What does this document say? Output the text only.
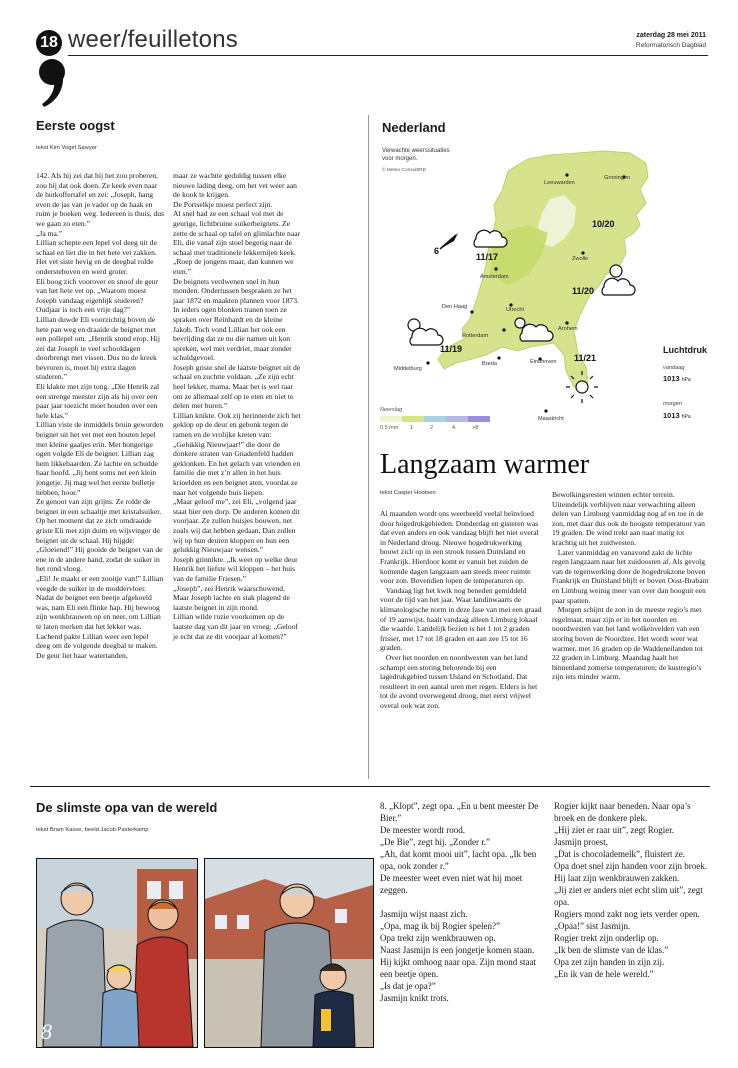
18 weer/feuilletons	zaterdag 28 mei 2011
Reformatorisch Dagblad
Eerste oogst
tekst Kim Vogel Sawyer
142. Als hij zei dat hij het zou proberen, zou hij dat ook doen. Ze keek even naar de hutkoffertafel en zei: „Joseph, hang even de jas van je vader op de haak en ruim je boeken weg. Iedereen is thuis, dus we gaan zo eten.”
„Ja ma.”
Lillian schepte een lepel vol deeg uit de schaal en liet die in het hete vet zakken. Het vet siste hevig en de deegbal rolde ondersteboven en werd groter.
Eli boog zich voorover en snoof de geur van het hete vet op. „Waarom moest Joseph vandaag eigenlijk studeren? Oudjaar is toch een vrije dag?”
Lillian duwde Eli voorzichtig boven de hete pan weg en draaide de beignet met een pollepel om. „Henrik stond erop. Hij zei dat Joseph te veel schooldagen doorbrengt met vissen. Dus nu de kreek bevroren is, moet hij extra dagen studeren.”
Eli klakte met zijn tong. „Die Henrik zal een strenge meester zijn als hij over een paar jaar toezicht moet houden over een hele klas.”
Lillian viste de inmiddels bruin geworden beignet uit het vet met een houten lepel met kleine gaatjes erin. Met hongerige ogen volgde Eli de beignet. Lillian zag hem likkebaarden. Ze lachte en schudde haar hoofd. „Jij bent soms net een klein jongetje. Jij mag wel het eerste bolletje hebben, hoor.”
Ze genoot van zijn grijns. Ze rolde de beignet in een schaaltje met kristalsuiker. Op het moment dat ze zich omdraaide griste Eli met zijn duim en wijsvinger de beignet uit de schaal. Hij hijgde: „Gloeiend!” Hij gooide de beignet van de ene in de andere hand, zodat de suiker in het rond vloog.
„Eli! Je maakt er een zooitje van!” Lillian veegde de suiker in de moddervloer.
Nadat de beignet een beetje afgekoeld was, nam Eli een flinke hap. Hij bewoog zijn wenkbrauwen op en neer, om Lillian te laten merken dat het lekker was. Lachend pakte Lillian weer een lepel deeg om de volgende deegbal te maken. De geur liet haar watertanden,
maar ze wachtte geduldig tussen elke nieuwe lading deeg, om het vet weer aan de kook te krijgen.
De Portselkje moest perfect zijn.
Al snel had ze een schaal vol met de geurige, lichtbruine suikerbeignets. Ze zette de schaal op tafel en glimlachte naar Eli, die vanaf zijn stoel begerig naar de schaal met traditionele lekkernijen keek.
„Roep de jongens maar, dan kunnen we eten.”
De beignets verdwenen snel in hun monden. Ondertussen bespraken ze het jaar 1872 en maakten plannen voor 1873. In ieders ogen blonken tranen toen ze spraken over Reinhardt en de kleine Jakob. Toch vond Lillian het ook een bevrijding dat ze nu die namen uit kon spreken, wel met verdriet, maar zonder schuldgevoel.
Joseph griste snel de laatste beignet uit de schaal en zuchtte voldaan. „Ze zijn echt heel lekker, mama. Maar het is wel raar om ze allemaal zelf op te eten en niet te delen met buren.”
Lillian knikte. Ook zij herinnerde zich het geklop op de deur en gebonk tegen de ramen en de vrolijke kreten van: „Gelukkig Nieuwjaar!” die door de donkere straten van Gnadenfeld hadden geklonken. En het gelach van vrienden en familie die met z’n allen in het huis krioelden en een beignet aten, voordat ze naar het volgende huis liepen.
„Maar geloof me”, zei Eli, „volgend jaar staat hier een dorp. De anderen komen dit voorjaar. Ze zullen huisjes bouwen, net zoals wij dat hebben gedaan. Dan zullen wij op hun deuren kloppen en hun een gelukkig Nieuwjaar wensen.”
Joseph grinnikte. „Ik weet op welke deur Henrik het liefste wil kloppen – het huis van de familie Friesen.”
„Joseph”, zei Henrik waarschuwend.
Maar Joseph lachte en stak plagend de laatste beignet in zijn mond.
Lillian wilde ruzie voorkomen op de laatste dag van dit jaar en vroeg: „Geloof je echt dat ze dit voorjaar al komen?”
Nederland
Verwachte weerssituaties voor morgen.
© Meteo Consult/RD
6
Leeuwarden
Groningen
Zwolle
Amsterdam
Den Haag	Utrecht
Rotterdam
Arnhem
Breda	Eindhoven
Middelburg
Maastricht
10/20
11/17
11/20
11/19
11/21
Neerslag
0.5 mm 1	2	4	>8
Luchtdruk
vandaag
1013 hPa
morgen
1013 hPa
Langzaam warmer
tekst Casper Hootsen
Al maanden wordt ons weerbeeld veelal beïnvloed door hogedrukgebieden. Donderdag en gisteren was dat even anders en ook vandaag blijft het niet overal in Nederland droog. Nieuwe hogedrukwerking bouwt zich op in een strook tussen Duitsland en Frankrijk. Hierdoor komt er vanuit het zuiden de komende dagen langzaam aan steeds meer ruimte voor zon. Bovendien lopen de temperaturen op.
Vandaag ligt het kwik nog beneden gemiddeld voor de tijd van het jaar. Waar landinwaarts de klimatologische norm in deze fase van mei een graad of 19 aanwijst, haalt vandaag alleen Limburg lokaal die waarde. Landelijk bezien is het 1 tot 2 graden frisser, met 17 tot 18 graden en aan zee 15 tot 16 graden.
Over het noorden en noordwesten van het land schampt een storing behorende bij een lagedrukgebied tussen IJsland en Schotland. Dat resulteert in een aantal uren met regen. Elders is het tot de avond overwegend droog, met eerst vrijwel overal ook wat zon.
Bewolkingsresten winnen echter terrein. Uiteindelijk verblijven naar verwachting alleen delen van Limburg vanmiddag nog af en toe in de zon, met daar dus ook de hoogste temperatuur van 19 graden. De wind trekt aan naar matig tot krachtig uit het zuidwesten.
Later vanmiddag en vanavond zakt de lichte regen langzaam naar het zuidoosten af. Als gevolg van de tegenwerking door de hogedrukzone boven Frankrijk en Duitsland blijft er boven Oost-Brabant en Limburg weinig meer van over dan hooguit een paar spatten.
Morgen schijnt de zon in de meeste regio’s met regelmaat, maar zijn er in het noorden en noordwesten van het land wolkenvelden van een storing boven de Noordzee. Het wordt weer wat warmer, met 16 graden op de Waddeneilanden tot 22 graden in Limburg. Maandag haalt het binnenland zomerse temperaturen; de kustregio’s zijn iets minder warm.
De slimste opa van de wereld
tekst Bram Kasse, beeld Jacob Pasterkamp
8
8. „Klopt”, zegt opa. „En u bent meester De Bier.”
De meester wordt rood.
„De Bie”, zegt hij. „Zonder r.”
„Ah, dat komt mooi uit”, lacht opa. „Ik ben opa, ook zonder r.”
De meester weet even niet wat hij moet zeggen.

Jasmijn wijst naast zich.
„Opa, mag ik bij Rogier spelen?”
Opa trekt zijn wenkbrauwen op.
Naast Jasmijn is een jongetje komen staan.
Hij kijkt omhoog naar opa. Zijn mond staat een beetje open.
„Is dat je opa?”
Jasmijn knikt trots.
Rogier kijkt naar beneden. Naar opa’s broek en de donkere plek.
„Hij ziet er raar uit”, zegt Rogier.
Jasmijn proest.
„Dat is chocolademelk”, fluistert ze.
Opa doet snel zijn handen voor zijn broek.
Hij laat zijn wenkbrauwen zakken.
„Jij ziet er anders niet echt slim uit”, zegt opa.
Rogiers mond zakt nog iets verder open.
„Opaa!” sist Jasmijn.
Rogier trekt zijn onderlip op.
„Ik ben de slimste van de klas.”
Opa zet zijn handen in zijn zij.
„En ik van de hele wereld.”
